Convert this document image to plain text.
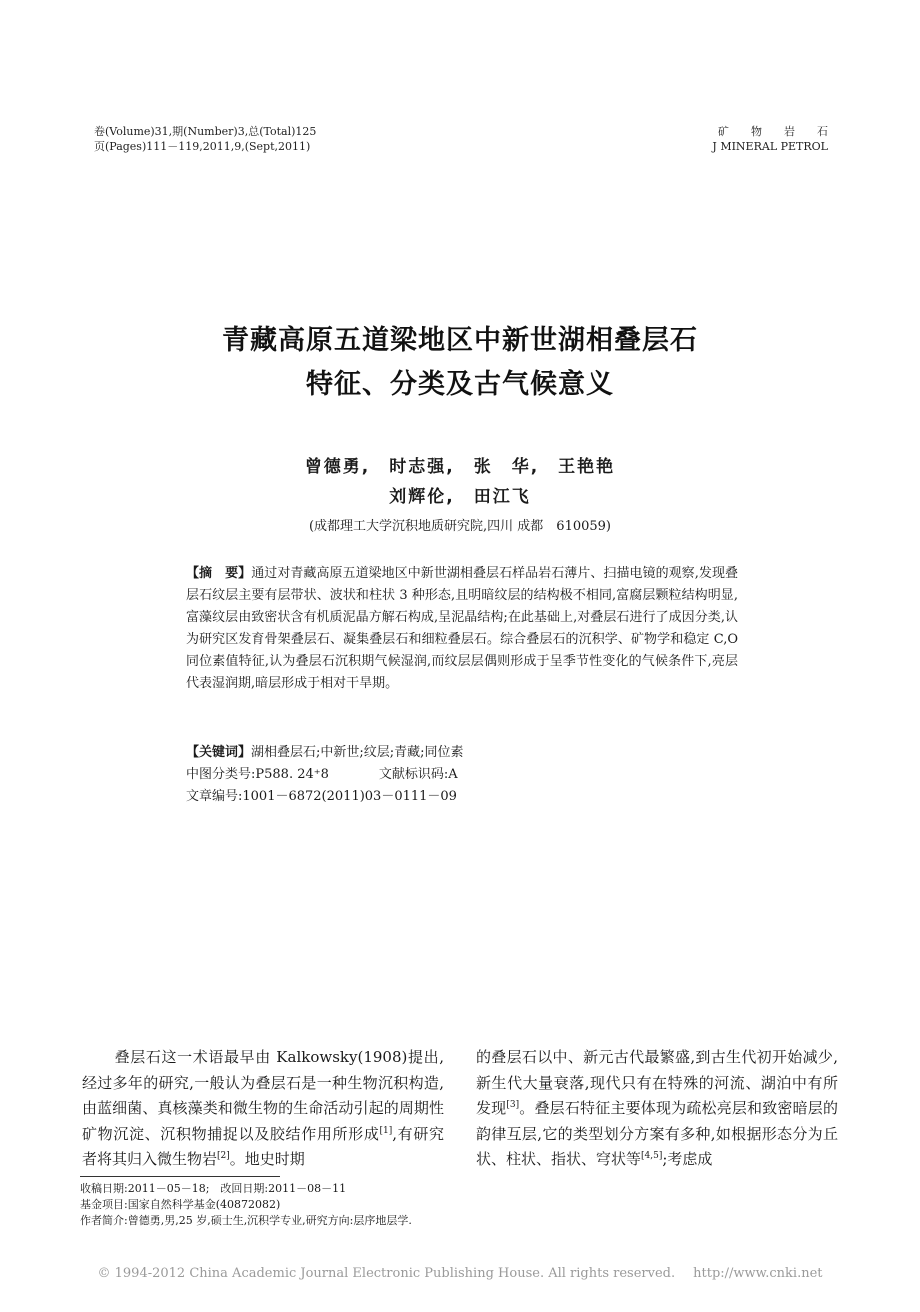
卷(Volume)31,期(Number)3,总(Total)125
页(Pages)111－119,2011,9,(Sept,2011)
矿　　物　　岩　　石
J MINERAL PETROL
青藏高原五道梁地区中新世湖相叠层石
特征、分类及古气候意义
曾德勇,　时志强,　张　华,　王艳艳
刘辉伦,　田江飞
(成都理工大学沉积地质研究院,四川 成都　610059)
【摘　要】通过对青藏高原五道梁地区中新世湖相叠层石样品岩石薄片、扫描电镜的观察,发现叠层石纹层主要有层带状、波状和柱状 3 种形态,且明暗纹层的结构极不相同,富腐层颗粒结构明显,富藻纹层由致密状含有机质泥晶方解石构成,呈泥晶结构;在此基础上,对叠层石进行了成因分类,认为研究区发育骨架叠层石、凝集叠层石和细粒叠层石。综合叠层石的沉积学、矿物学和稳定 C,O 同位素值特征,认为叠层石沉积期气候湿润,而纹层层偶则形成于呈季节性变化的气候条件下,亮层代表湿润期,暗层形成于相对干旱期。
【关键词】湖相叠层石;中新世;纹层;青藏;同位素
中图分类号:P588. 24⁺8	文献标识码:A
文章编号:1001－6872(2011)03－0111－09
叠层石这一术语最早由 Kalkowsky(1908)提出,经过多年的研究,一般认为叠层石是一种生物沉积构造,由蓝细菌、真核藻类和微生物的生命活动引起的周期性矿物沉淀、沉积物捕捉以及胶结作用所形成[1],有研究者将其归入微生物岩[2]。地史时期
的叠层石以中、新元古代最繁盛,到古生代初开始减少,新生代大量衰落,现代只有在特殊的河流、湖泊中有所发现[3]。叠层石特征主要体现为疏松亮层和致密暗层的韵律互层,它的类型划分方案有多种,如根据形态分为丘状、柱状、指状、穹状等[4,5];考虑成
收稿日期:2011－05－18;　改回日期:2011－08－11
基金项目:国家自然科学基金(40872082)
作者简介:曾德勇,男,25 岁,硕士生,沉积学专业,研究方向:层序地层学.
© 1994-2012 China Academic Journal Electronic Publishing House. All rights reserved. http://www.cnki.net
